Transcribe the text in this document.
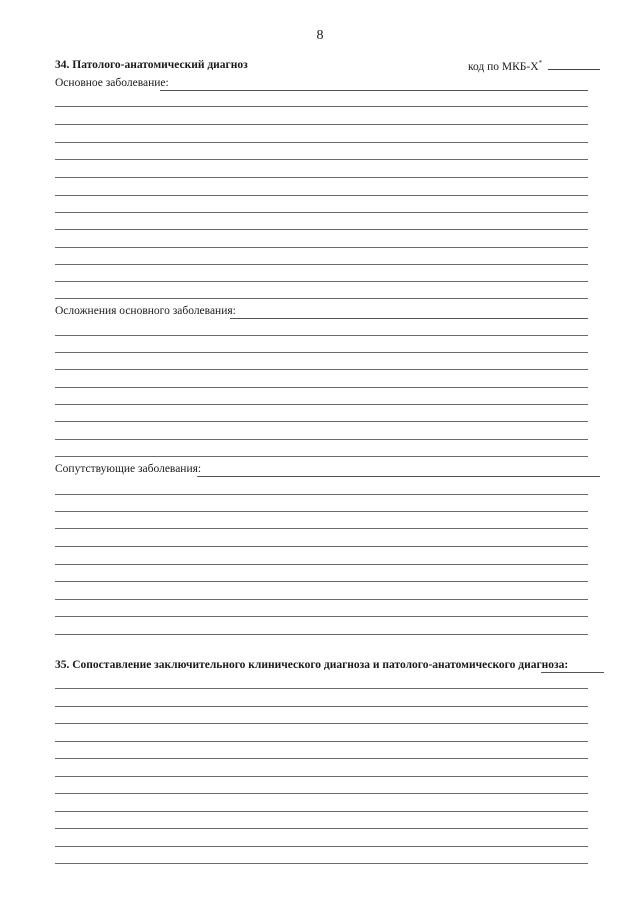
8
34. Патолого-анатомический диагноз	код по МКБ-X*
Основное заболевание:
Осложнения основного заболевания:
Сопутствующие заболевания:
35. Сопоставление заключительного клинического диагноза и патолого-анатомического диагноза:
